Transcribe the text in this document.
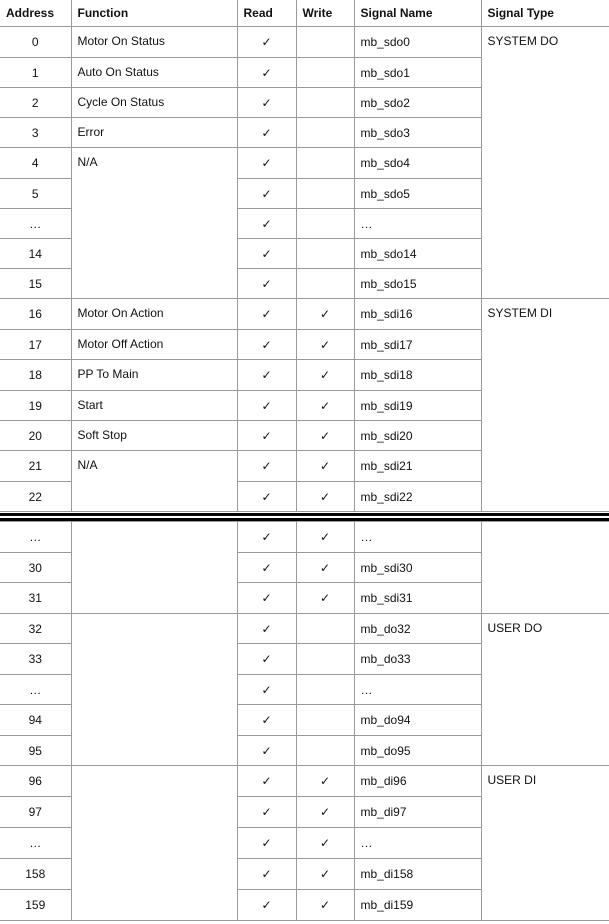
Address	Function	Read	Write	Signal Name	Signal Type
0	Motor On Status	✓		mb_sdo0	SYSTEM DO
1	Auto On Status	✓		mb_sdo1	
2	Cycle On Status	✓		mb_sdo2	
3	Error	✓		mb_sdo3	
4	N/A	✓		mb_sdo4	
5		✓		mb_sdo5	
…		✓		…	
14		✓		mb_sdo14	
15		✓		mb_sdo15	
16	Motor On Action	✓	✓	mb_sdi16	SYSTEM DI
17	Motor Off Action	✓	✓	mb_sdi17	
18	PP To Main	✓	✓	mb_sdi18	
19	Start	✓	✓	mb_sdi19	
20	Soft Stop	✓	✓	mb_sdi20	
21	N/A	✓	✓	mb_sdi21	
22		✓	✓	mb_sdi22	
…		✓	✓	…	
30		✓	✓	mb_sdi30	
31		✓	✓	mb_sdi31	
32		✓		mb_do32	USER DO
33		✓		mb_do33	
…		✓		…	
94		✓		mb_do94	
95		✓		mb_do95	
96		✓	✓	mb_di96	USER DI
97		✓	✓	mb_di97	
…		✓	✓	…	
158		✓	✓	mb_di158	
159		✓	✓	mb_di159	
